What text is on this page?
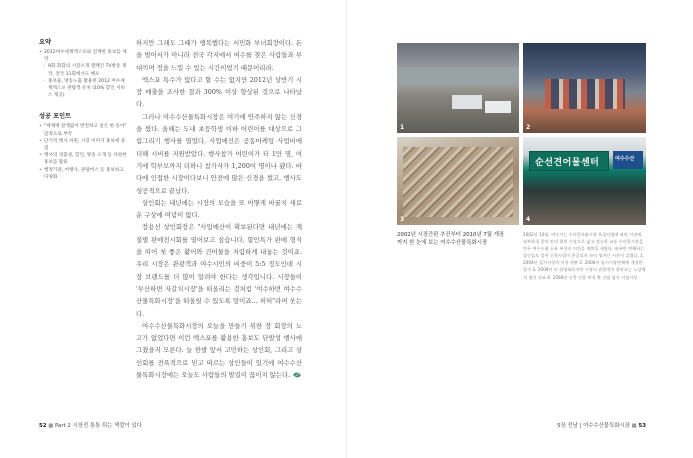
요약
• 2012여수세계엑스포와 연계한 홍보를 제작
- 9회 화합의 시장소개 캠페인 TV방송 제작, 전국 11회에서도 배포
- 홍보물, 방송노출 활용한 2012 여수세계엑스포 관람객 유치 (10% 할인 서비스 제공)
성공 포인트
• "세계에 관계없이 반전하고 싶은 한 동아" 감정으로 부각
• 단기적 행사 차원, 시장 이미지 홍보에 중점
• 행사의 경품권, 할인, 방송 소개 등 다양한 홍보를 활용
• 행정기관, 여행사, 관광버스 등 홍보하고 다양화

하지만 그래도 그때가 행복했다는 서민화 부녀회장이다. 돈을 벌어서가 아니라 전국 각지에서 여수를 찾은 사람들과 부대끼며 정을 느낄 수 있는 시간이었기 때문이리라.

엑스포 특수가 없다고 할 수는 없지만 2012년 상반기 시장 매출을 조사한 결과 300% 이상 향상된 것으로 나타났다.

그러나 여수수산물특화시장은 여기에 안주하지 않는 신경을 썼다. 올해는 도내 초등학생 이하 어린이를 대상으로 그림그리기 행사를 열었다. 사업에선은 공동마케팅 사업비에 더해 시비를 지원받았다. 행사참가 어린이가 터 1만 명, 여기에 학부모까지 더하니 참가자가 1,200여 명이나 됐다. 바다에 인접한 시장이다보니 안전에 많은 신경을 썼고, 행사도 성공적으로 끝났다.

상인회는 내년에는 시장의 모습을 또 어떻게 바꿀지 새로운 구상에 여념이 없다.

장용선 상인회장은 "사업예산이 확보된다면 내년에는 계절별 판매전시회를 열어보고 싶습니다. 할인특가 판매 형식을 띠어 첫 좋은 활어와 건어물을 저렴하게 내놓는 것이죠. 우리 시장은 관광객과 여수시민의 비중이 5:5 정도인데 시장 브랜드를 더 많이 알려야 한다는 생각입니다. 시장들이 '부산하면 자갈치시장'을 떠올리는 것처럼 '여수하면 여수수산물특화시장'을 떠올릴 수 있도록 말이죠... 허허"라며 웃는다.

여수수산물특화시장의 오늘을 만들기 위한 장 회장의 노고가 없었다면 이런 엑스포를 활용한 홍보도 단발성 행사에 그쳤을지 모른다. 늘 한발 앞서 고민하는 상인회, 그리고 상인회를 전폭적으로 믿고 따르는 상인들이 있기에 여수수산물특화시장에는 오늘도 사람들의 발길이 끊이지 않는다.

1	2
3
순선견어물센터	여수수산
4
2002년 시장간판 추진부터 2010년 7월 개장까지 한 눈에 보는 여수수산물특화시장
2002년 10월, 여수시는 수산물특화시장 육성사업에 따라 시장에 외부환경 좋아 안의 위치 시장으로 넓고 정소한 교통 수산물시장을 만든 여수수협 소유 부지로 이전을 계획을 세웠다. 외부만 변해하는 상인들도 일어 신축사업이 준공되자 자이 생겨난 시간이 걸렸다. 1. 2004년 임시시장의 시장 현판 2. 2006년 임시시장단체에 개장한 상가 3. 2009년 비 위생화되지만 시장이 관광객이 찾아오는 노상에서 생선 건조 4. 2008년 신축 건물 부지 완 건립 임시 거점시장
52 ■ Part 2 시장전 통통 튀는 색깔이 있다	5장 전남 | 여수수산물특화시장 ■ 53
